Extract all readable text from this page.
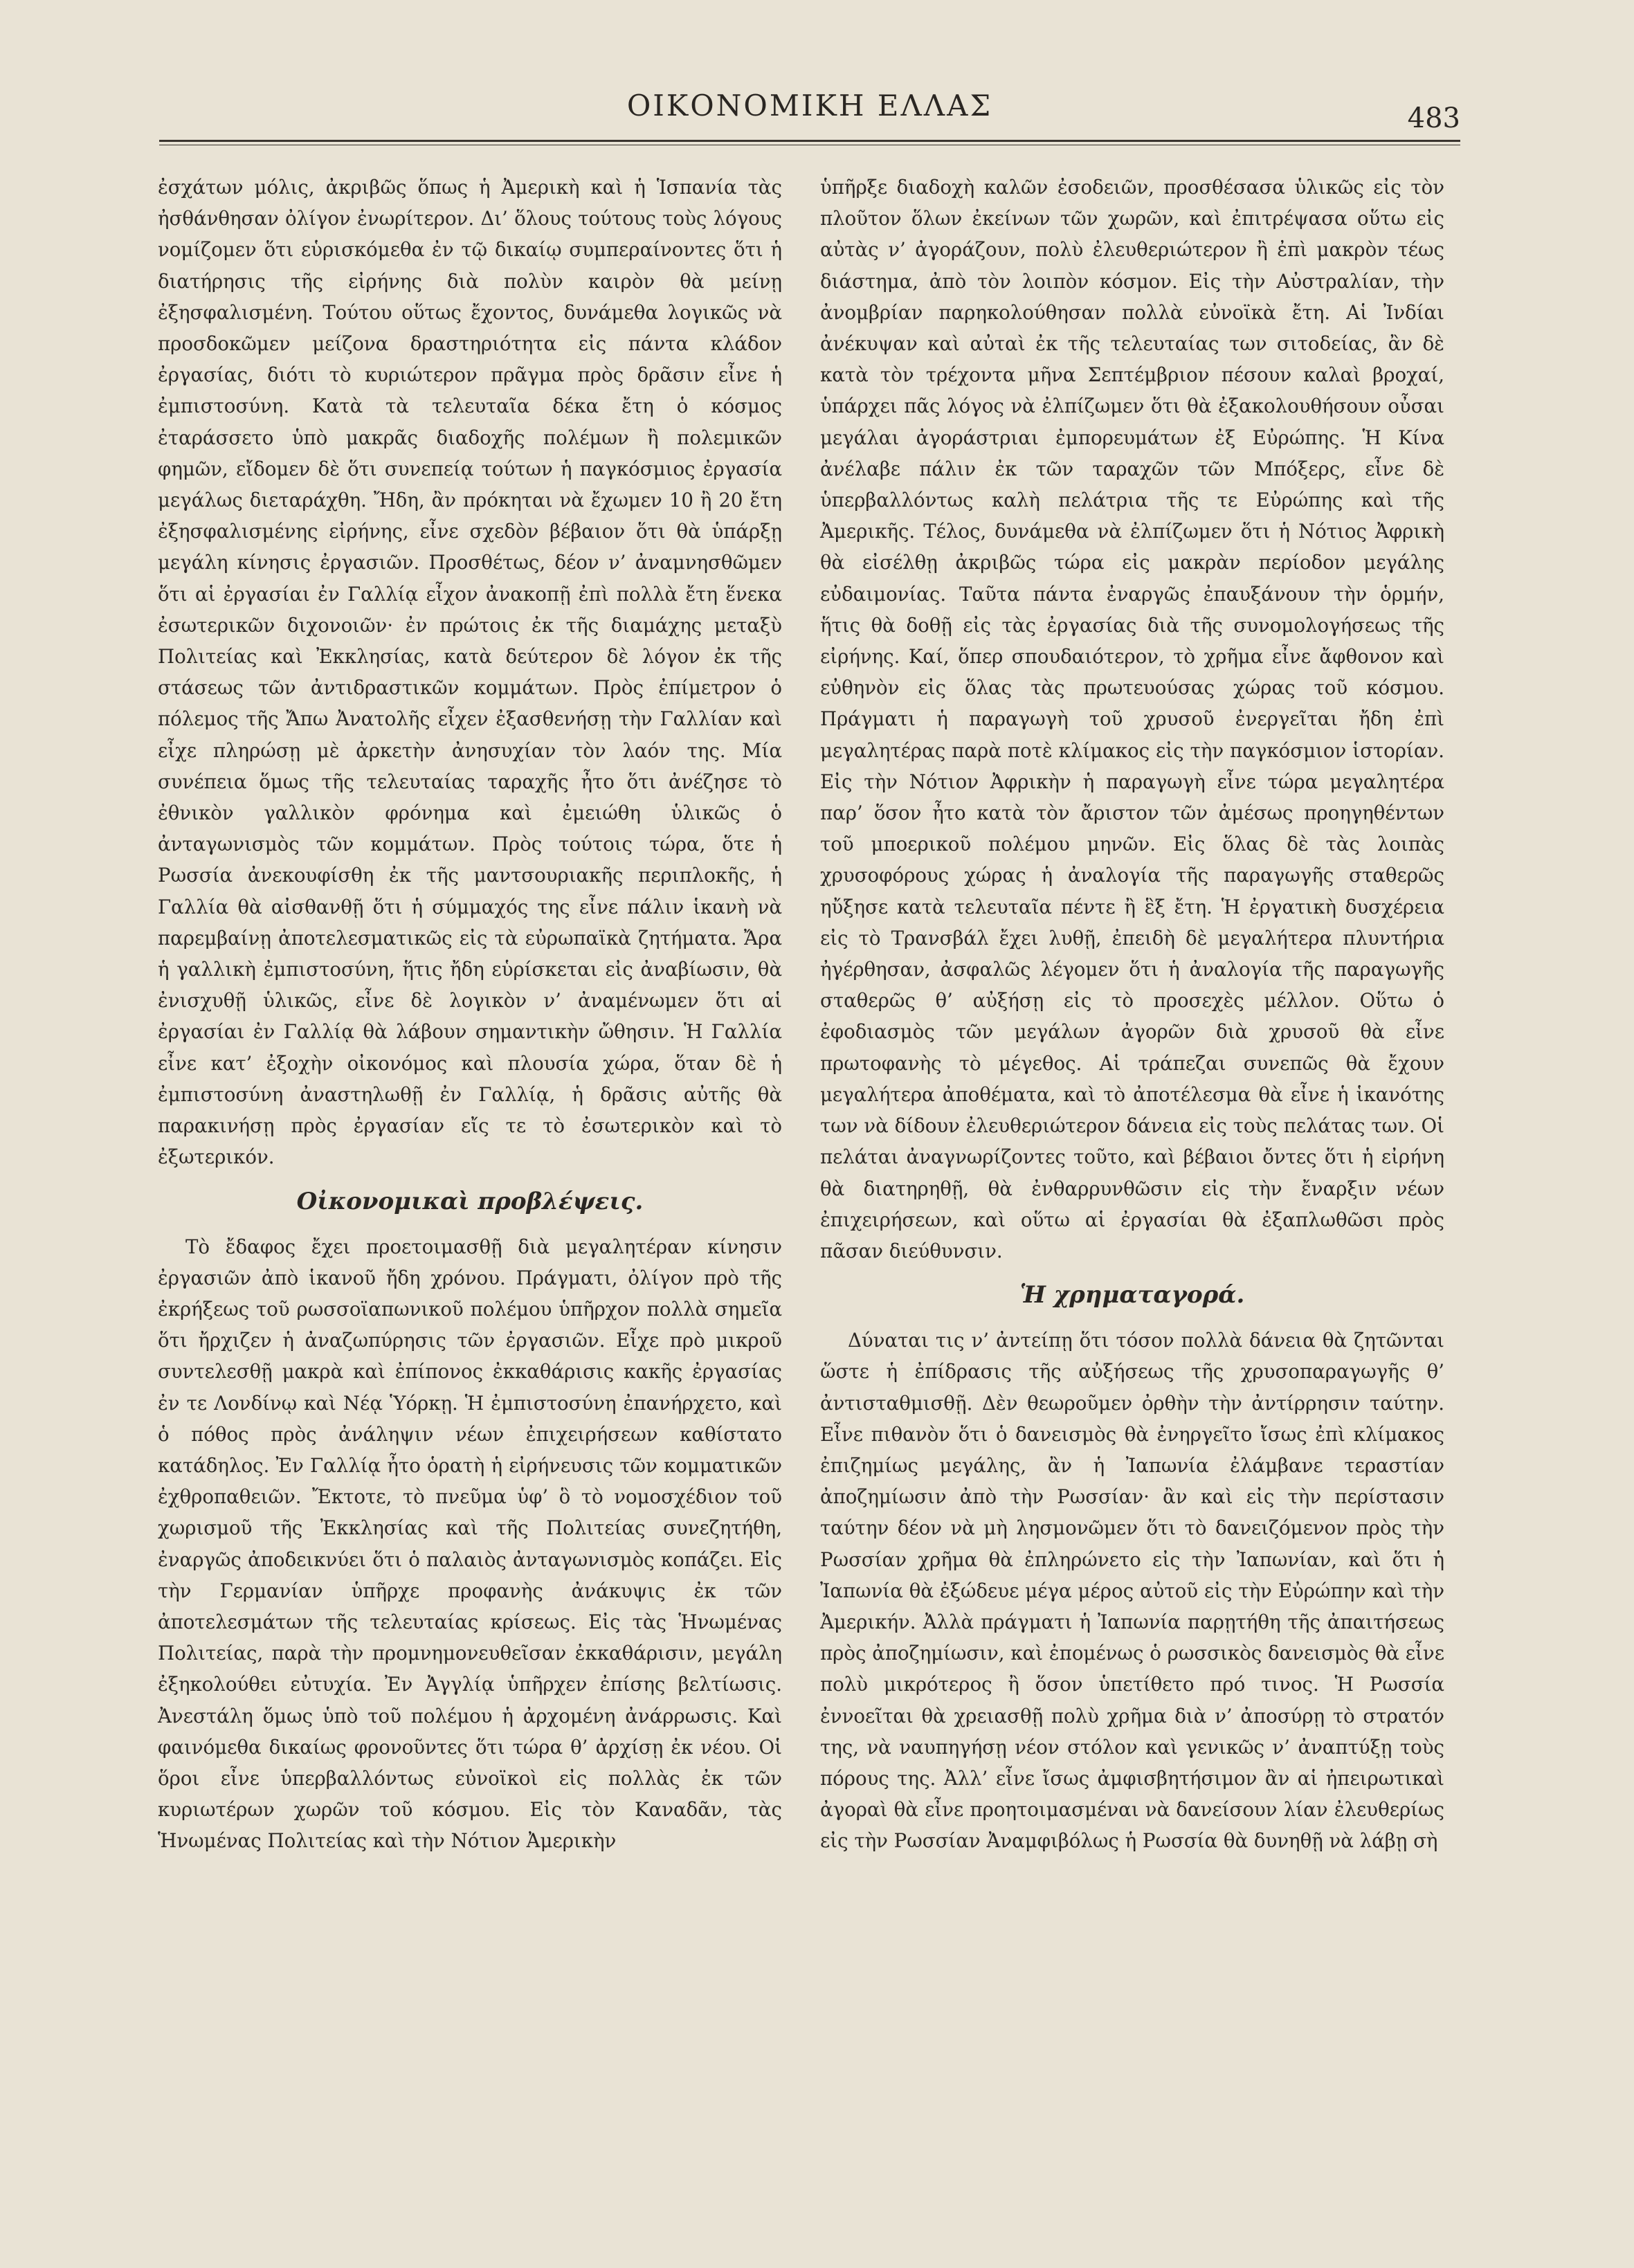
ΟΙΚΟΝΟΜΙΚΗ ΕΛΛΑΣ	483

ἐσχάτων μόλις, ἀκριβῶς ὅπως ἡ Ἀμερικὴ καὶ ἡ Ἱσπανία τὰς ἠσθάνθησαν ὀλίγον ἐνωρίτερον. Δι’ ὅλους τούτους τοὺς λόγους νομίζομεν ὅτι εὑρισκόμεθα ἐν τῷ δικαίῳ συμπεραίνοντες ὅτι ἡ διατήρησις τῆς εἰρήνης διὰ πολὺν καιρὸν θὰ μείνῃ ἐξησφαλισμένη. Τούτου οὕτως ἔχοντος, δυνάμεθα λογικῶς νὰ προσδοκῶμεν μείζονα δραστηριότητα εἰς πάντα κλάδον ἐργασίας, διότι τὸ κυριώτερον πρᾶγμα πρὸς δρᾶσιν εἶνε ἡ ἐμπιστοσύνη. Κατὰ τὰ τελευταῖα δέκα ἔτη ὁ κόσμος ἐταράσσετο ὑπὸ μακρᾶς διαδοχῆς πολέμων ἢ πολεμικῶν φημῶν, εἴδομεν δὲ ὅτι συνεπείᾳ τούτων ἡ παγκόσμιος ἐργασία μεγάλως διεταράχθη. Ἤδη, ἂν πρόκηται νὰ ἔχωμεν 10 ἢ 20 ἔτη ἐξησφαλισμένης εἰρήνης, εἶνε σχεδὸν βέβαιον ὅτι θὰ ὑπάρξῃ μεγάλη κίνησις ἐργασιῶν. Προσθέτως, δέον ν’ ἀναμνησθῶμεν ὅτι αἱ ἐργασίαι ἐν Γαλλίᾳ εἶχον ἀνακοπῇ ἐπὶ πολλὰ ἔτη ἕνεκα ἐσωτερικῶν διχονοιῶν· ἐν πρώτοις ἐκ τῆς διαμάχης μεταξὺ Πολιτείας καὶ Ἐκκλησίας, κατὰ δεύτερον δὲ λόγον ἐκ τῆς στάσεως τῶν ἀντιδραστικῶν κομμάτων. Πρὸς ἐπίμετρον ὁ πόλεμος τῆς Ἄπω Ἀνατολῆς εἶχεν ἐξασθενήσῃ τὴν Γαλλίαν καὶ εἶχε πληρώσῃ μὲ ἀρκετὴν ἀνησυχίαν τὸν λαόν της. Μία συνέπεια ὅμως τῆς τελευταίας ταραχῆς ἦτο ὅτι ἀνέζησε τὸ ἐθνικὸν γαλλικὸν φρόνημα καὶ ἐμειώθη ὑλικῶς ὁ ἀνταγωνισμὸς τῶν κομμάτων. Πρὸς τούτοις τώρα, ὅτε ἡ Ρωσσία ἀνεκουφίσθη ἐκ τῆς μαντσουριακῆς περιπλοκῆς, ἡ Γαλλία θὰ αἰσθανθῇ ὅτι ἡ σύμμαχός της εἶνε πάλιν ἱκανὴ νὰ παρεμβαίνῃ ἀποτελεσματικῶς εἰς τὰ εὐρωπαϊκὰ ζητήματα. Ἄρα ἡ γαλλικὴ ἐμπιστοσύνη, ἥτις ἤδη εὑρίσκεται εἰς ἀναβίωσιν, θὰ ἐνισχυθῇ ὑλικῶς, εἶνε δὲ λογικὸν ν’ ἀναμένωμεν ὅτι αἱ ἐργασίαι ἐν Γαλλίᾳ θὰ λάβουν σημαντικὴν ὤθησιν. Ἡ Γαλλία εἶνε κατ’ ἐξοχὴν οἰκονόμος καὶ πλουσία χώρα, ὅταν δὲ ἡ ἐμπιστοσύνη ἀναστηλωθῇ ἐν Γαλλίᾳ, ἡ δρᾶσις αὐτῆς θὰ παρακινήσῃ πρὸς ἐργασίαν εἴς τε τὸ ἐσωτερικὸν καὶ τὸ ἐξωτερικόν.

Οἰκονομικαὶ προβλέψεις.

Τὸ ἔδαφος ἔχει προετοιμασθῇ διὰ μεγαλητέραν κίνησιν ἐργασιῶν ἀπὸ ἱκανοῦ ἤδη χρόνου. Πράγματι, ὀλίγον πρὸ τῆς ἐκρήξεως τοῦ ρωσσοϊαπωνικοῦ πολέμου ὑπῆρχον πολλὰ σημεῖα ὅτι ἤρχιζεν ἡ ἀναζωπύρησις τῶν ἐργασιῶν. Εἶχε πρὸ μικροῦ συντελεσθῇ μακρὰ καὶ ἐπίπονος ἐκκαθάρισις κακῆς ἐργασίας ἐν τε Λονδίνῳ καὶ Νέᾳ Ὑόρκῃ. Ἡ ἐμπιστοσύνη ἐπανήρχετο, καὶ ὁ πόθος πρὸς ἀνάληψιν νέων ἐπιχειρήσεων καθίστατο κατάδηλος. Ἐν Γαλλίᾳ ἦτο ὁρατὴ ἡ εἰρήνευσις τῶν κομματικῶν ἐχθροπαθειῶν. Ἔκτοτε, τὸ πνεῦμα ὑφ’ ὃ τὸ νομοσχέδιον τοῦ χωρισμοῦ τῆς Ἐκκλησίας καὶ τῆς Πολιτείας συνεζητήθη, ἐναργῶς ἀποδεικνύει ὅτι ὁ παλαιὸς ἀνταγωνισμὸς κοπάζει. Εἰς τὴν Γερμανίαν ὑπῆρχε προφανὴς ἀνάκυψις ἐκ τῶν ἀποτελεσμάτων τῆς τελευταίας κρίσεως. Εἰς τὰς Ἡνωμένας Πολιτείας, παρὰ τὴν προμνημονευθεῖσαν ἐκκαθάρισιν, μεγάλη ἐξηκολούθει εὐτυχία. Ἐν Ἀγγλίᾳ ὑπῆρχεν ἐπίσης βελτίωσις. Ἀνεστάλη ὅμως ὑπὸ τοῦ πολέμου ἡ ἀρχομένη ἀνάρρωσις. Καὶ φαινόμεθα δικαίως φρονοῦντες ὅτι τώρα θ’ ἀρχίσῃ ἐκ νέου. Οἱ ὅροι εἶνε ὑπερβαλλόντως εὐνοϊκοὶ εἰς πολλὰς ἐκ τῶν κυριωτέρων χωρῶν τοῦ κόσμου. Εἰς τὸν Καναδᾶν, τὰς Ἡνωμένας Πολιτείας καὶ τὴν Νότιον Ἀμερικὴν

ὑπῆρξε διαδοχὴ καλῶν ἐσοδειῶν, προσθέσασα ὑλικῶς εἰς τὸν πλοῦτον ὅλων ἐκείνων τῶν χωρῶν, καὶ ἐπιτρέψασα οὕτω εἰς αὐτὰς ν’ ἀγοράζουν, πολὺ ἐλευθεριώτερον ἢ ἐπὶ μακρὸν τέως διάστημα, ἀπὸ τὸν λοιπὸν κόσμον. Εἰς τὴν Αὐστραλίαν, τὴν ἀνομβρίαν παρηκολούθησαν πολλὰ εὐνοϊκὰ ἔτη. Αἱ Ἰνδίαι ἀνέκυψαν καὶ αὐταὶ ἐκ τῆς τελευταίας των σιτοδείας, ἂν δὲ κατὰ τὸν τρέχοντα μῆνα Σεπτέμβριον πέσουν καλαὶ βροχαί, ὑπάρχει πᾶς λόγος νὰ ἐλπίζωμεν ὅτι θὰ ἐξακολουθήσουν οὖσαι μεγάλαι ἀγοράστριαι ἐμπορευμάτων ἐξ Εὐρώπης. Ἡ Κίνα ἀνέλαβε πάλιν ἐκ τῶν ταραχῶν τῶν Μπόξερς, εἶνε δὲ ὑπερβαλλόντως καλὴ πελάτρια τῆς τε Εὐρώπης καὶ τῆς Ἀμερικῆς. Τέλος, δυνάμεθα νὰ ἐλπίζωμεν ὅτι ἡ Νότιος Ἀφρικὴ θὰ εἰσέλθῃ ἀκριβῶς τώρα εἰς μακρὰν περίοδον μεγάλης εὐδαιμονίας. Ταῦτα πάντα ἐναργῶς ἐπαυξάνουν τὴν ὁρμήν, ἥτις θὰ δοθῇ εἰς τὰς ἐργασίας διὰ τῆς συνομολογήσεως τῆς εἰρήνης. Καί, ὅπερ σπουδαιότερον, τὸ χρῆμα εἶνε ἄφθονον καὶ εὐθηνὸν εἰς ὅλας τὰς πρωτευούσας χώρας τοῦ κόσμου. Πράγματι ἡ παραγωγὴ τοῦ χρυσοῦ ἐνεργεῖται ἤδη ἐπὶ μεγαλητέρας παρὰ ποτὲ κλίμακος εἰς τὴν παγκόσμιον ἱστορίαν. Εἰς τὴν Νότιον Ἀφρικὴν ἡ παραγωγὴ εἶνε τώρα μεγαλητέρα παρ’ ὅσον ἦτο κατὰ τὸν ἄριστον τῶν ἀμέσως προηγηθέντων τοῦ μποερικοῦ πολέμου μηνῶν. Εἰς ὅλας δὲ τὰς λοιπὰς χρυσοφόρους χώρας ἡ ἀναλογία τῆς παραγωγῆς σταθερῶς ηὔξησε κατὰ τελευταῖα πέντε ἢ ἓξ ἔτη. Ἡ ἐργατικὴ δυσχέρεια εἰς τὸ Τρανσβάλ ἔχει λυθῇ, ἐπειδὴ δὲ μεγαλήτερα πλυντήρια ἠγέρθησαν, ἀσφαλῶς λέγομεν ὅτι ἡ ἀναλογία τῆς παραγωγῆς σταθερῶς θ’ αὐξήσῃ εἰς τὸ προσεχὲς μέλλον. Οὕτω ὁ ἐφοδιασμὸς τῶν μεγάλων ἀγορῶν διὰ χρυσοῦ θὰ εἶνε πρωτοφανὴς τὸ μέγεθος. Αἱ τράπεζαι συνεπῶς θὰ ἔχουν μεγαλήτερα ἀποθέματα, καὶ τὸ ἀποτέλεσμα θὰ εἶνε ἡ ἱκανότης των νὰ δίδουν ἐλευθεριώτερον δάνεια εἰς τοὺς πελάτας των. Οἱ πελάται ἀναγνωρίζοντες τοῦτο, καὶ βέβαιοι ὄντες ὅτι ἡ εἰρήνη θὰ διατηρηθῇ, θὰ ἐνθαρρυνθῶσιν εἰς τὴν ἔναρξιν νέων ἐπιχειρήσεων, καὶ οὕτω αἱ ἐργασίαι θὰ ἐξαπλωθῶσι πρὸς πᾶσαν διεύθυνσιν.

Ἡ χρηματαγορά.

Δύναται τις ν’ ἀντείπῃ ὅτι τόσον πολλὰ δάνεια θὰ ζητῶνται ὥστε ἡ ἐπίδρασις τῆς αὐξήσεως τῆς χρυσοπαραγωγῆς θ’ ἀντισταθμισθῇ. Δὲν θεωροῦμεν ὀρθὴν τὴν ἀντίρρησιν ταύτην. Εἶνε πιθανὸν ὅτι ὁ δανεισμὸς θὰ ἐνηργεῖτο ἴσως ἐπὶ κλίμακος ἐπιζημίως μεγάλης, ἂν ἡ Ἰαπωνία ἐλάμβανε τεραστίαν ἀποζημίωσιν ἀπὸ τὴν Ρωσσίαν· ἂν καὶ εἰς τὴν περίστασιν ταύτην δέον νὰ μὴ λησμονῶμεν ὅτι τὸ δανειζόμενον πρὸς τὴν Ρωσσίαν χρῆμα θὰ ἐπληρώνετο εἰς τὴν Ἰαπωνίαν, καὶ ὅτι ἡ Ἰαπωνία θὰ ἐξώδευε μέγα μέρος αὐτοῦ εἰς τὴν Εὐρώπην καὶ τὴν Ἀμερικήν. Ἀλλὰ πράγματι ἡ Ἰαπωνία παρῃτήθη τῆς ἀπαιτήσεως πρὸς ἀποζημίωσιν, καὶ ἐπομένως ὁ ρωσσικὸς δανεισμὸς θὰ εἶνε πολὺ μικρότερος ἢ ὅσον ὑπετίθετο πρό τινος. Ἡ Ρωσσία ἐννοεῖται θὰ χρειασθῇ πολὺ χρῆμα διὰ ν’ ἀποσύρῃ τὸ στρατόν της, νὰ ναυπηγήσῃ νέον στόλον καὶ γενικῶς ν’ ἀναπτύξῃ τοὺς πόρους της. Ἀλλ’ εἶνε ἴσως ἀμφισβητήσιμον ἂν αἱ ἠπειρωτικαὶ ἀγοραὶ θὰ εἶνε προητοιμασμέναι νὰ δανείσουν λίαν ἐλευθερίως εἰς τὴν Ρωσσίαν Ἀναμφιβόλως ἡ Ρωσσία θὰ δυνηθῇ νὰ λάβῃ σὴ
